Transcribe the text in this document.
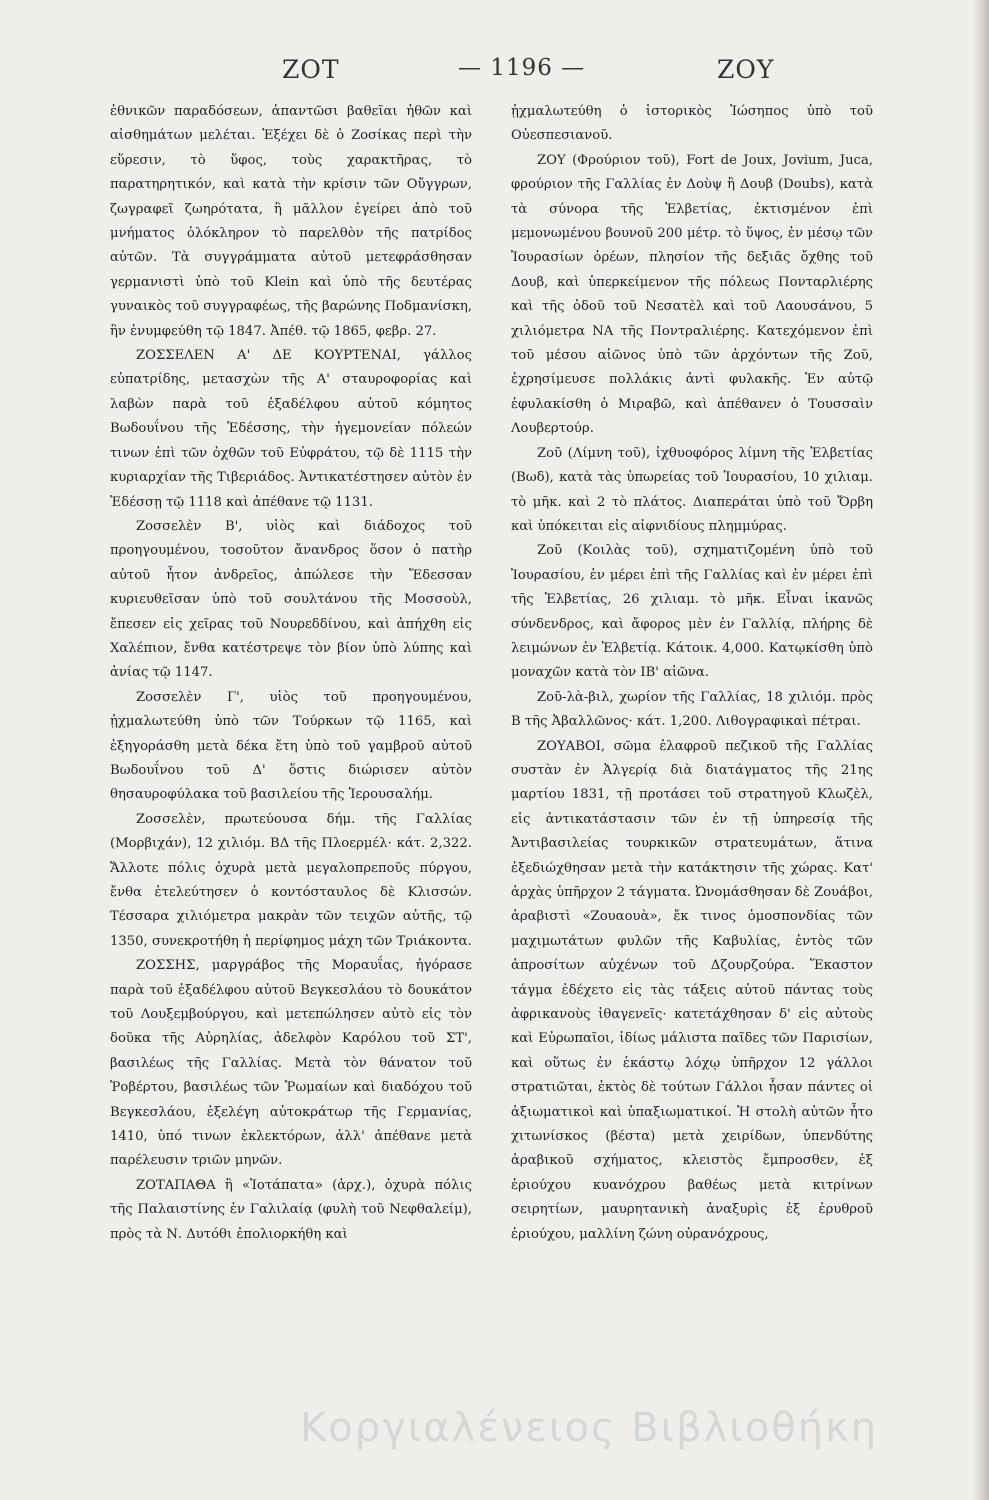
ΖΟΤ	— 1196 —	ΖΟΥ

ἐθνικῶν παραδόσεων, ἀπαντῶσι βαθεῖαι ἠθῶν καὶ αἰσθημάτων μελέται. Ἐξέχει δὲ ὁ Ζοσίκας περὶ τὴν εὕρεσιν, τὸ ὕφος, τοὺς χαρακτῆρας, τὸ παρατηρητικόν, καὶ κατὰ τὴν κρίσιν τῶν Οὔγγρων, ζωγραφεῖ ζωηρότατα, ἢ μᾶλλον ἐγείρει ἀπὸ τοῦ μνήματος ὁλόκληρον τὸ παρελθὸν τῆς πατρίδος αὐτῶν. Τὰ συγγράμματα αὐτοῦ μετεφράσθησαν γερμανιστὶ ὑπὸ τοῦ Klein καὶ ὑπὸ τῆς δευτέρας γυναικὸς τοῦ συγγραφέως, τῆς βαρώνης Ποδμανίσκη, ἣν ἐνυμφεύθη τῷ 1847. Ἀπέθ. τῷ 1865, φεβρ. 27.

ΖΟΣΣΕΛΕΝ Α' ΔΕ ΚΟΥΡΤΕΝΑΙ, γάλλος εὐπατρίδης, μετασχὼν τῆς Α' σταυροφορίας καὶ λαβὼν παρὰ τοῦ ἐξαδέλφου αὐτοῦ κόμητος Βωδουΐνου τῆς Ἐδέσσης, τὴν ἡγεμονείαν πόλεών τινων ἐπὶ τῶν ὀχθῶν τοῦ Εὐφράτου, τῷ δὲ 1115 τὴν κυριαρχίαν τῆς Τιβεριάδος. Ἀντικατέστησεν αὐτὸν ἐν Ἐδέσσῃ τῷ 1118 καὶ ἀπέθανε τῷ 1131.

Ζοσσελὲν Β', υἱὸς καὶ διάδοχος τοῦ προηγουμένου, τοσοῦτον ἄνανδρος ὅσον ὁ πατὴρ αὐτοῦ ἦτον ἀνδρεῖος, ἀπώλεσε τὴν Ἔδεσσαν κυριευθεῖσαν ὑπὸ τοῦ σουλτάνου τῆς Μοσσοὺλ, ἔπεσεν εἰς χεῖρας τοῦ Νουρεδδίνου, καὶ ἀπήχθη εἰς Χαλέπιον, ἔνθα κατέστρεψε τὸν βίον ὑπὸ λύπης καὶ ἀνίας τῷ 1147.

Ζοσσελὲν Γ', υἱὸς τοῦ προηγουμένου, ᾐχμαλωτεύθη ὑπὸ τῶν Τούρκων τῷ 1165, καὶ ἐξηγοράσθη μετὰ δέκα ἔτη ὑπὸ τοῦ γαμβροῦ αὐτοῦ Βωδουΐνου τοῦ Δ' ὅστις διώρισεν αὐτὸν θησαυροφύλακα τοῦ βασιλείου τῆς Ἱερουσαλήμ.

Ζοσσελὲν, πρωτεύουσα δήμ. τῆς Γαλλίας (Μορβιχάν), 12 χιλιόμ. ΒΔ τῆς Πλοερμέλ· κάτ. 2,322. Ἄλλοτε πόλις ὀχυρὰ μετὰ μεγαλοπρεποῦς πύργου, ἔνθα ἐτελεύτησεν ὁ κοντόσταυλος δὲ Κλισσών. Τέσσαρα χιλιόμετρα μακρὰν τῶν τειχῶν αὐτῆς, τῷ 1350, συνεκροτήθη ἡ περίφημος μάχη τῶν Τριάκοντα.

ΖΟΣΣΗΣ, μαργράβος τῆς Μοραυΐας, ἠγόρασε παρὰ τοῦ ἐξαδέλφου αὐτοῦ Βεγκεσλάου τὸ δουκάτον τοῦ Λουξεμβούργου, καὶ μετεπώλησεν αὐτὸ εἰς τὸν δοῦκα τῆς Αὐρηλίας, ἀδελφὸν Καρόλου τοῦ ΣΤ', βασιλέως τῆς Γαλλίας. Μετὰ τὸν θάνατον τοῦ Ῥοβέρτου, βασιλέως τῶν Ῥωμαίων καὶ διαδόχου τοῦ Βεγκεσλάου, ἐξελέγη αὐτοκράτωρ τῆς Γερμανίας, 1410, ὑπό τινων ἐκλεκτόρων, ἀλλ' ἀπέθανε μετὰ παρέλευσιν τριῶν μηνῶν.

ΖΟΤΑΠΑΘΑ ἢ «Ἰοτάπατα» (ἀρχ.), ὀχυρὰ πόλις τῆς Παλαιστίνης ἐν Γαλιλαίᾳ (φυλὴ τοῦ Νεφθαλείμ), πρὸς τὰ Ν. Δυτόθι ἐπολιορκήθη καὶ

ᾐχμαλωτεύθη ὁ ἱστορικὸς Ἰώσηπος ὑπὸ τοῦ Οὐεσπεσιανοῦ.

ΖΟΥ (Φρούριον τοῦ), Fort de Joux, Jovium, Juca, φρούριον τῆς Γαλλίας ἐν Δοὺψ ἢ Δουβ (Doubs), κατὰ τὰ σύνορα τῆς Ἑλβετίας, ἐκτισμένον ἐπὶ μεμονωμένου βουνοῦ 200 μέτρ. τὸ ὕψος, ἐν μέσῳ τῶν Ἰουρασίων ὀρέων, πλησίον τῆς δεξιᾶς ὄχθης τοῦ Δουβ, καὶ ὑπερκείμενον τῆς πόλεως Πονταρλιέρης καὶ τῆς ὁδοῦ τοῦ Νεσατὲλ καὶ τοῦ Λαουσάνου, 5 χιλιόμετρα ΝΑ τῆς Ποντραλιέρης. Κατεχόμενον ἐπὶ τοῦ μέσου αἰῶνος ὑπὸ τῶν ἀρχόντων τῆς Ζοῦ, ἐχρησίμευσε πολλάκις ἀντὶ φυλακῆς. Ἐν αὐτῷ ἐφυλακίσθη ὁ Μιραβῶ, καὶ ἀπέθανεν ὁ Τουσσαὶν Λουβερτούρ.

Ζοῦ (Λίμνη τοῦ), ἰχθυοφόρος λίμνη τῆς Ἑλβετίας (Βωδ), κατὰ τὰς ὑπωρείας τοῦ Ἰουρασίου, 10 χιλιαμ. τὸ μῆκ. καὶ 2 τὸ πλάτος. Διαπεράται ὑπὸ τοῦ Ὄρβη καὶ ὑπόκειται εἰς αἰφνιδίους πλημμύρας.

Ζοῦ (Κοιλὰς τοῦ), σχηματιζομένη ὑπὸ τοῦ Ἰουρασίου, ἐν μέρει ἐπὶ τῆς Γαλλίας καὶ ἐν μέρει ἐπὶ τῆς Ἑλβετίας, 26 χιλιαμ. τὸ μῆκ. Εἶναι ἱκανῶς σύνδενδρος, καὶ ἄφορος μὲν ἐν Γαλλίᾳ, πλήρης δὲ λειμώνων ἐν Ἑλβετίᾳ. Κάτοικ. 4,000. Κατῳκίσθη ὑπὸ μοναχῶν κατὰ τὸν ΙΒ' αἰῶνα.

Ζοῦ-λὰ-βιλ, χωρίον τῆς Γαλλίας, 18 χιλιόμ. πρὸς Β τῆς Ἀβαλλῶνος· κάτ. 1,200. Λιθογραφικαὶ πέτραι.

ΖΟΥΑΒΟΙ, σῶμα ἐλαφροῦ πεζικοῦ τῆς Γαλλίας συστὰν ἐν Ἀλγερίᾳ διὰ διατάγματος τῆς 21ης μαρτίου 1831, τῇ προτάσει τοῦ στρατηγοῦ Κλωζὲλ, εἰς ἀντικατάστασιν τῶν ἐν τῇ ὑπηρεσίᾳ τῆς Ἀντιβασιλείας τουρκικῶν στρατευμάτων, ἅτινα ἐξεδιώχθησαν μετὰ τὴν κατάκτησιν τῆς χώρας. Κατ' ἀρχὰς ὑπῆρχον 2 τάγματα. Ὠνομάσθησαν δὲ Ζουάβοι, ἀραβιστὶ «Ζουαουὰ», ἔκ τινος ὁμοσπονδίας τῶν μαχιμωτάτων φυλῶν τῆς Καβυλίας, ἐντὸς τῶν ἀπροσίτων αὐχένων τοῦ Δζουρζούρα. Ἕκαστον τάγμα ἐδέχετο εἰς τὰς τάξεις αὐτοῦ πάντας τοὺς ἀφρικανοὺς ἰθαγενεῖς· κατετάχθησαν δ' εἰς αὐτοὺς καὶ Εὐρωπαῖοι, ἰδίως μάλιστα παῖδες τῶν Παρισίων, καὶ οὕτως ἐν ἑκάστῳ λόχῳ ὑπῆρχον 12 γάλλοι στρατιῶται, ἐκτὸς δὲ τούτων Γάλλοι ἦσαν πάντες οἱ ἀξιωματικοὶ καὶ ὑπαξιωματικοί. Ἡ στολὴ αὐτῶν ἦτο χιτωνίσκος (βέστα) μετὰ χειρίδων, ὑπενδύτης ἀραβικοῦ σχήματος, κλειστὸς ἔμπροσθεν, ἐξ ἐριούχου κυανόχρου βαθέως μετὰ κιτρίνων σειρητίων, μαυρητανικὴ ἀναξυρὶς ἐξ ἐρυθροῦ ἐριούχου, μαλλίνη ζώνη οὐρανόχρους,

Κοργιαλένειος Βιβλιοθήκη
